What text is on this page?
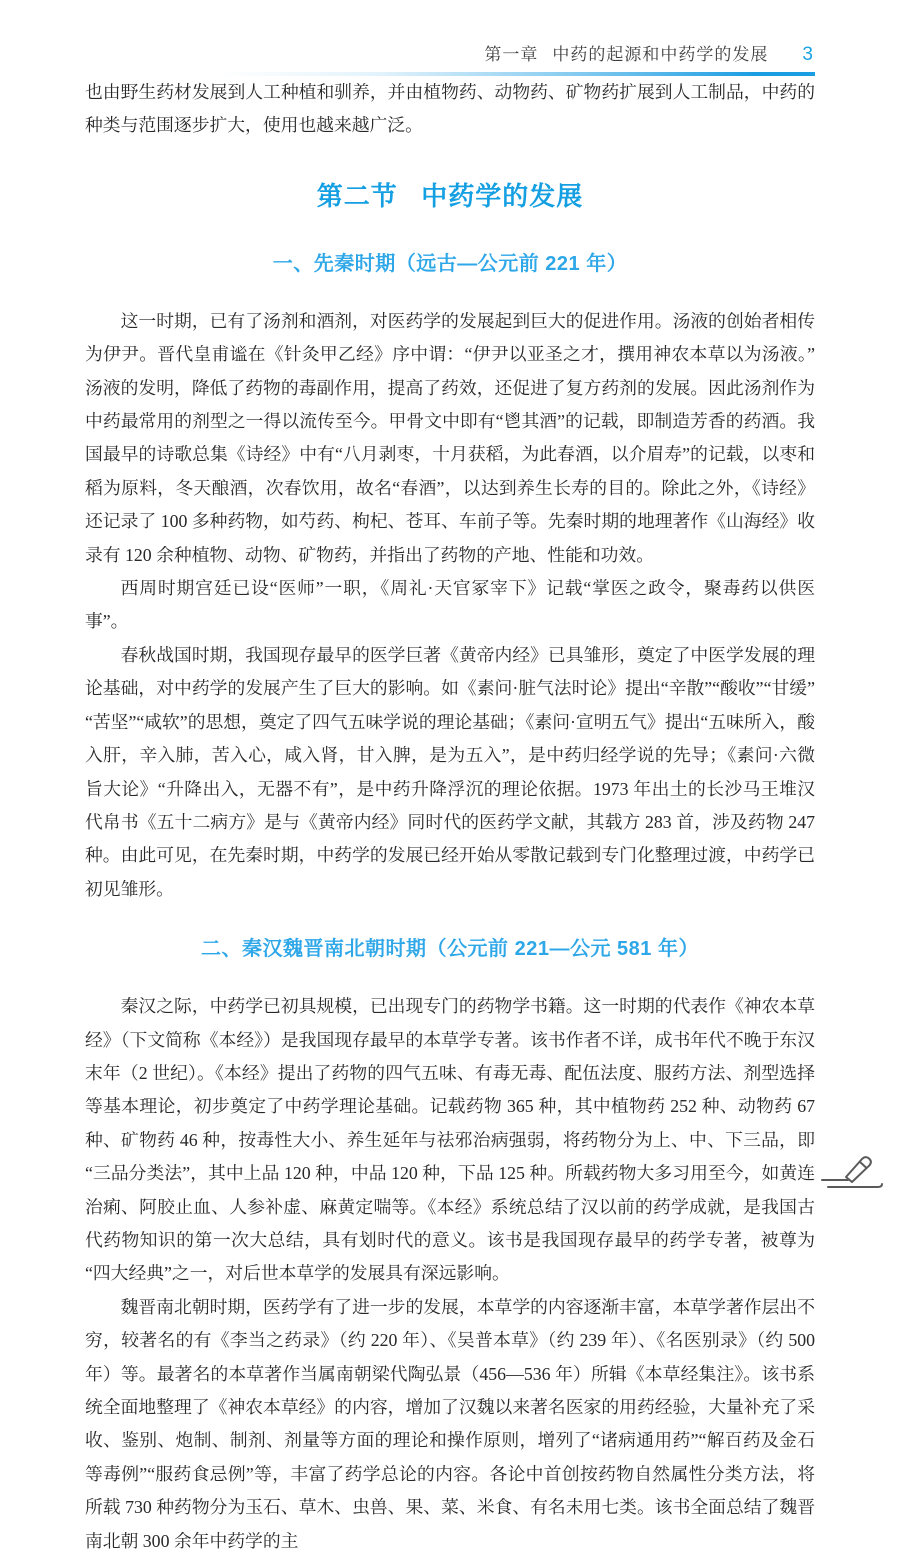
第一章 中药的起源和中药学的发展 3

也由野生药材发展到人工种植和驯养，并由植物药、动物药、矿物药扩展到人工制品，中药的种类与范围逐步扩大，使用也越来越广泛。

第二节 中药学的发展
一、先秦时期（远古—公元前 221 年）

这一时期，已有了汤剂和酒剂，对医药学的发展起到巨大的促进作用。汤液的创始者相传为伊尹。晋代皇甫谧在《针灸甲乙经》序中谓：“伊尹以亚圣之才，撰用神农本草以为汤液。”汤液的发明，降低了药物的毒副作用，提高了药效，还促进了复方药剂的发展。因此汤剂作为中药最常用的剂型之一得以流传至今。甲骨文中即有“鬯其酒”的记载，即制造芳香的药酒。我国最早的诗歌总集《诗经》中有“八月剥枣，十月获稻，为此春酒，以介眉寿”的记载，以枣和稻为原料，冬天酿酒，次春饮用，故名“春酒”，以达到养生长寿的目的。除此之外，《诗经》还记录了 100 多种药物，如芍药、枸杞、苍耳、车前子等。先秦时期的地理著作《山海经》收录有 120 余种植物、动物、矿物药，并指出了药物的产地、性能和功效。

西周时期宫廷已设“医师”一职，《周礼·天官冢宰下》记载“掌医之政令，聚毒药以供医事”。

春秋战国时期，我国现存最早的医学巨著《黄帝内经》已具雏形，奠定了中医学发展的理论基础，对中药学的发展产生了巨大的影响。如《素问·脏气法时论》提出“辛散”“酸收”“甘缓”“苦坚”“咸软”的思想，奠定了四气五味学说的理论基础；《素问·宣明五气》提出“五味所入，酸入肝，辛入肺，苦入心，咸入肾，甘入脾，是为五入”，是中药归经学说的先导；《素问·六微旨大论》“升降出入，无器不有”，是中药升降浮沉的理论依据。1973 年出土的长沙马王堆汉代帛书《五十二病方》是与《黄帝内经》同时代的医药学文献，其载方 283 首，涉及药物 247 种。由此可见，在先秦时期，中药学的发展已经开始从零散记载到专门化整理过渡，中药学已初见雏形。

二、秦汉魏晋南北朝时期（公元前 221—公元 581 年）

秦汉之际，中药学已初具规模，已出现专门的药物学书籍。这一时期的代表作《神农本草经》（下文简称《本经》）是我国现存最早的本草学专著。该书作者不详，成书年代不晚于东汉末年（2 世纪）。《本经》提出了药物的四气五味、有毒无毒、配伍法度、服药方法、剂型选择等基本理论，初步奠定了中药学理论基础。记载药物 365 种，其中植物药 252 种、动物药 67 种、矿物药 46 种，按毒性大小、养生延年与祛邪治病强弱，将药物分为上、中、下三品，即“三品分类法”，其中上品 120 种，中品 120 种，下品 125 种。所载药物大多习用至今，如黄连治痢、阿胶止血、人参补虚、麻黄定喘等。《本经》系统总结了汉以前的药学成就，是我国古代药物知识的第一次大总结，具有划时代的意义。该书是我国现存最早的药学专著，被尊为“四大经典”之一，对后世本草学的发展具有深远影响。

魏晋南北朝时期，医药学有了进一步的发展，本草学的内容逐渐丰富，本草学著作层出不穷，较著名的有《李当之药录》（约 220 年）、《吴普本草》（约 239 年）、《名医别录》（约 500 年）等。最著名的本草著作当属南朝梁代陶弘景（456—536 年）所辑《本草经集注》。该书系统全面地整理了《神农本草经》的内容，增加了汉魏以来著名医家的用药经验，大量补充了采收、鉴别、炮制、制剂、剂量等方面的理论和操作原则，增列了“诸病通用药”“解百药及金石等毒例”“服药食忌例”等，丰富了药学总论的内容。各论中首创按药物自然属性分类方法，将所载 730 种药物分为玉石、草木、虫兽、果、菜、米食、有名未用七类。该书全面总结了魏晋南北朝 300 余年中药学的主
